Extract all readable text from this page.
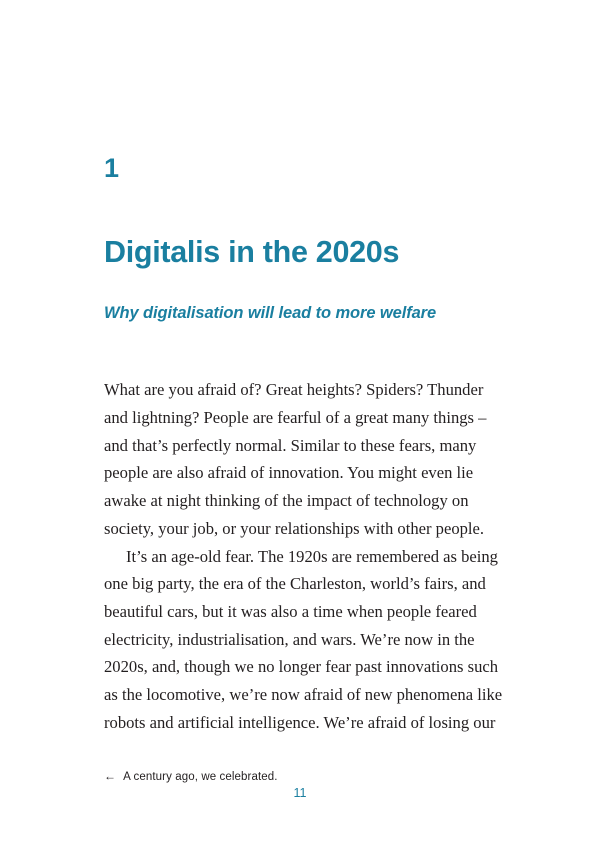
1
Digitalis in the 2020s
Why digitalisation will lead to more welfare

What are you afraid of? Great heights? Spiders? Thunder and lightning? People are fearful of a great many things – and that’s perfectly normal. Similar to these fears, many people are also afraid of innovation. You might even lie awake at night thinking of the impact of technology on society, your job, or your relationships with other people.

It’s an age-old fear. The 1920s are remembered as being one big party, the era of the Charleston, world’s fairs, and beautiful cars, but it was also a time when people feared electricity, industrialisation, and wars. We’re now in the 2020s, and, though we no longer fear past innovations such as the locomotive, we’re now afraid of new phenomena like robots and artificial intelligence. We’re afraid of losing our

← A century ago, we celebrated.
11
